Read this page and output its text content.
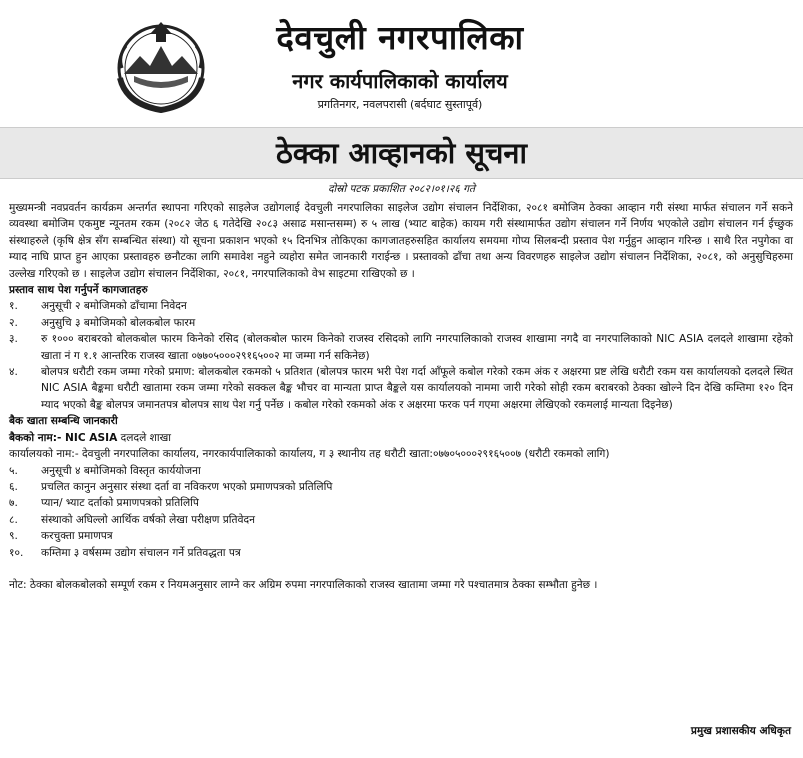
देवचुली नगरपालिका
नगर कार्यपालिकाको कार्यालय
प्रगतिनगर, नवलपरासी (बर्दघाट सुस्तापूर्व)
ठेक्का आव्हानको सूचना
दोस्रो पटक प्रकाशित २०८२।०१।२६ गते

मुख्यमन्त्री नवप्रवर्तन कार्यक्रम अन्तर्गत स्थापना गरिएको साइलेज उद्योगलाई देवचुली नगरपालिका साइलेज उद्योग संचालन निर्देशिका, २०८१ बमोजिम ठेक्का आव्हान गरी संस्था मार्फत संचालन गर्ने सकने व्यवस्था बमोजिम एकमुष्ट न्यूनतम रकम (२०८२ जेठ ६ गतेदेखि २०८३ असाढ मसान्तसम्म) रु ५ लाख (भ्याट बाहेक) कायम गरी संस्थामार्फत उद्योग संचालन गर्ने निर्णय भएकोले उद्योग संचालन गर्न ईच्छुक संस्थाहरुले (कृषि क्षेत्र सँग सम्बन्धित संस्था) यो सूचना प्रकाशन भएको १५ दिनभित्र तोकिएका कागजातहरुसहित कार्यालय समयमा गोप्य सिलबन्दी प्रस्ताव पेश गर्नुहुन आव्हान गरिन्छ । साथै रित नपुगेका वा म्याद नाघि प्राप्त हुन आएका प्रस्तावहरु छनौटका लागि समावेश नहुने व्यहोरा समेत जानकारी गराईन्छ । प्रस्तावको ढाँचा तथा अन्य विवरणहरु साइलेज उद्योग संचालन निर्देशिका, २०८१, को अनुसुचिहरुमा उल्लेख गरिएको छ । साइलेज उद्योग संचालन निर्देशिका, २०८१, नगरपालिकाको वेभ साइटमा राखिएको छ ।

प्रस्ताव साथ पेश गर्नुपर्ने कागजातहरु

१.	अनुसूची २ बमोजिमको ढाँचामा निवेदन
२.	अनुसुचि ३ बमोजिमको बोलकबोल फारम
३.	रु १००० बराबरको बोलकबोल फारम किनेको रसिद (बोलकबोल फारम किनेको राजस्व रसिदको लागि नगरपालिकाको राजस्व शाखामा नगदै वा नगरपालिकाको NIC ASIA दलदले शाखामा रहेको खाता नं ग १.१ आन्तरिक राजस्व खाता ०७७०५०००२९१६५००२ मा जम्मा गर्न सकिनेछ)
४.	बोलपत्र धरौटी रकम जम्मा गरेको प्रमाण: बोलकबोल रकमको ५ प्रतिशत (बोलपत्र फारम भरी पेश गर्दा आँफूले कबोल गरेको रकम अंक र अक्षरमा प्रष्ट लेखि धरौटी रकम यस कार्यालयको दलदले स्थित NIC ASIA बैङ्कमा धरौटी खातामा रकम जम्मा गरेको सक्कल बैङ्क भौचर वा मान्यता प्राप्त बैङ्कले यस कार्यालयको नाममा जारी गरेको सोही रकम बराबरको ठेक्का खोल्ने दिन देखि कम्तिमा १२० दिन म्याद भएको बैङ्क बोलपत्र जमानतपत्र बोलपत्र साथ पेश गर्नु पर्नेछ । कबोल गरेको रकमको अंक र अक्षरमा फरक पर्न गएमा अक्षरमा लेखिएको रकमलाई मान्यता दिइनेछ)

बैक खाता सम्बन्धि जानकारी

बैकको नाम:- NIC ASIA दलदले शाखा

कार्यालयको नाम:- देवचुली नगरपालिका कार्यालय, नगरकार्यपालिकाको कार्यालय, ग ३ स्थानीय तह धरौटी खाता:०७७०५०००२९१६५००७ (धरौटी रकमको लागि)

५.	अनुसूची ४ बमोजिमको विस्तृत कार्ययोजना
६.	प्रचलित कानुन अनुसार संस्था दर्ता वा नविकरण भएको प्रमाणपत्रको प्रतिलिपि
७.	प्यान/ भ्याट दर्ताको प्रमाणपत्रको प्रतिलिपि
८.	संस्थाको अघिल्लो आर्थिक वर्षको लेखा परीक्षण प्रतिवेदन
९.	करचुक्ता प्रमाणपत्र
१०.	कम्तिमा ३ वर्षसम्म उद्योग संचालन गर्ने प्रतिवद्धता पत्र

नोट: ठेक्का बोलकबोलको सम्पूर्ण रकम र नियमअनुसार लाग्ने कर अग्रिम रुपमा नगरपालिकाको राजस्व खातामा जम्मा गरे पश्चातमात्र ठेक्का सम्भौता हुनेछ ।

प्रमुख प्रशासकीय अधिकृत
